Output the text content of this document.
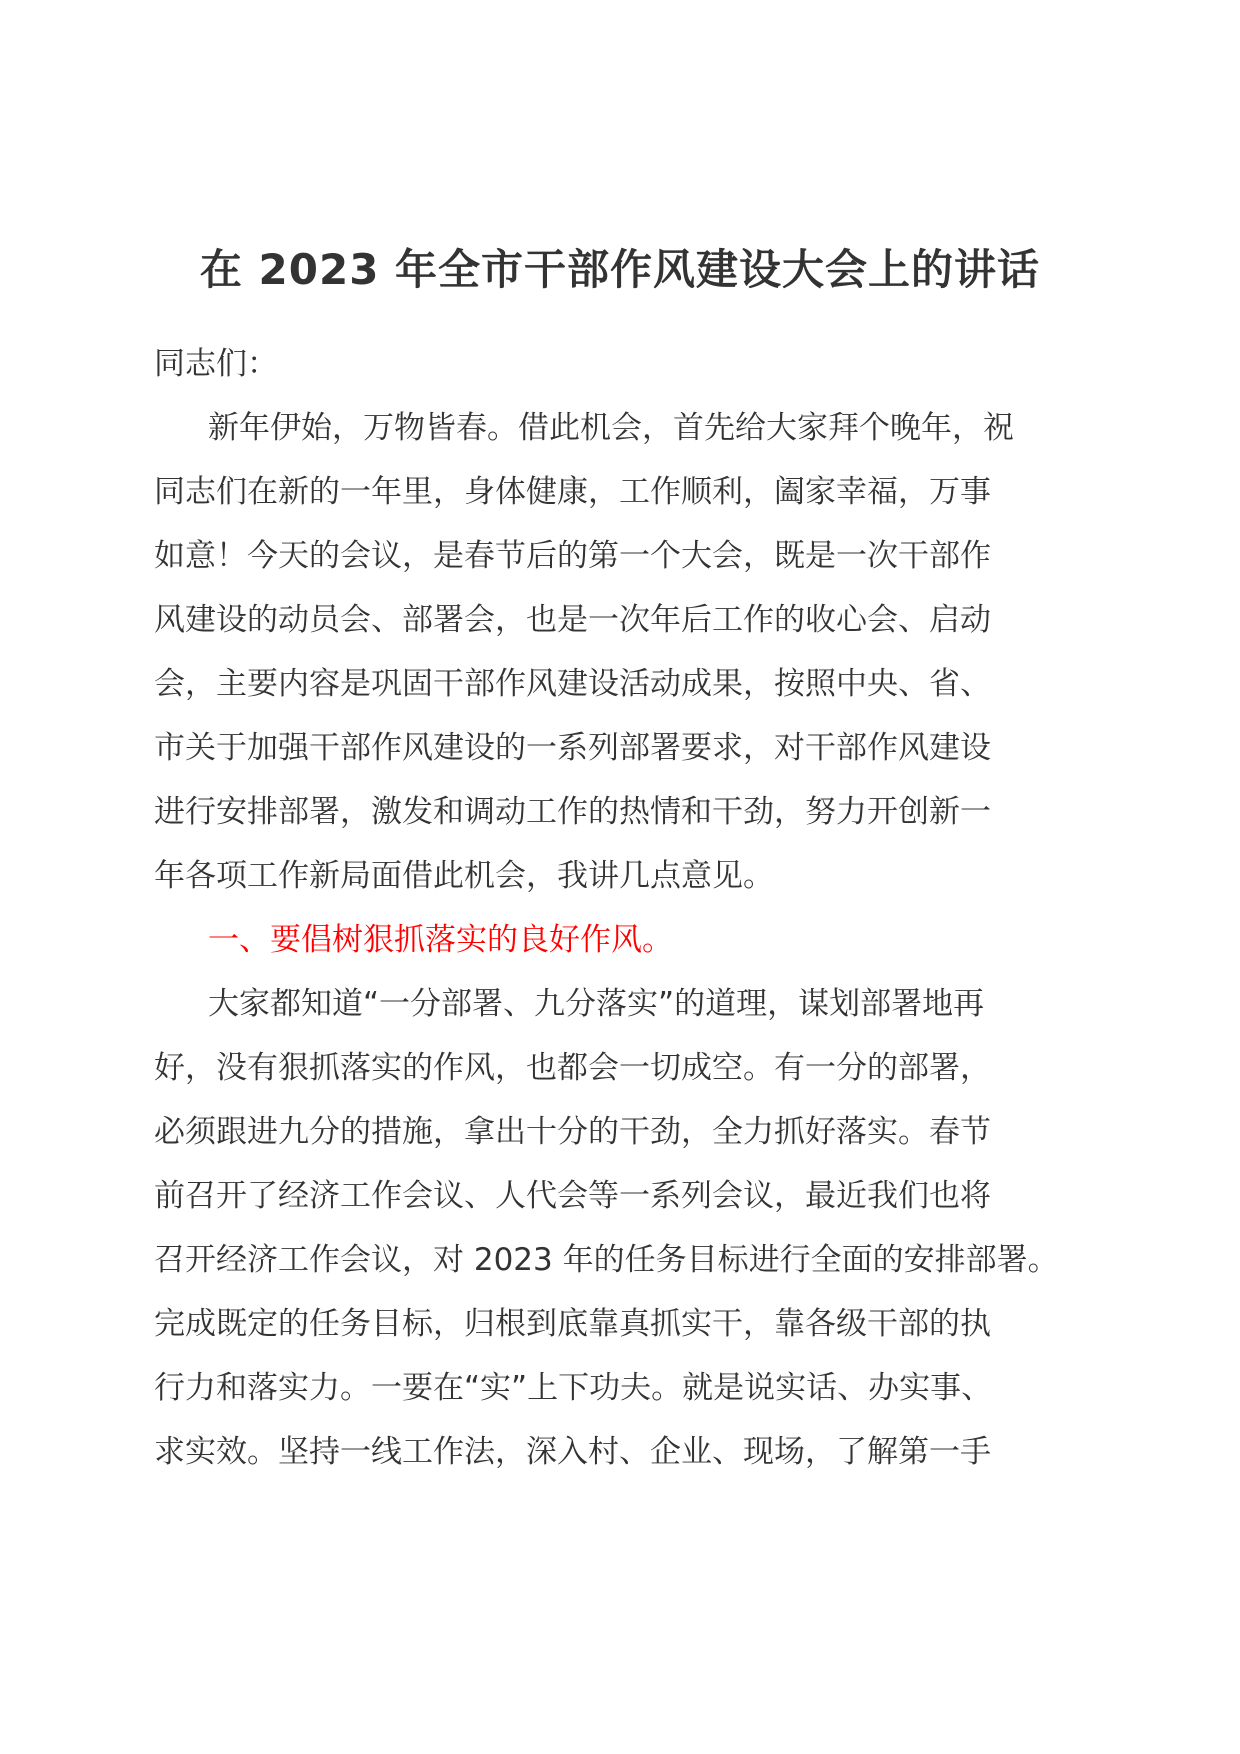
在 2023 年全市干部作风建设大会上的讲话
同志们：
新年伊始，万物皆春。借此机会，首先给大家拜个晚年，祝
同志们在新的一年里，身体健康，工作顺利，阖家幸福，万事
如意！今天的会议，是春节后的第一个大会，既是一次干部作
风建设的动员会、部署会，也是一次年后工作的收心会、启动
会，主要内容是巩固干部作风建设活动成果，按照中央、省、
市关于加强干部作风建设的一系列部署要求，对干部作风建设
进行安排部署，激发和调动工作的热情和干劲，努力开创新一
年各项工作新局面借此机会，我讲几点意见。
一、要倡树狠抓落实的良好作风。
大家都知道“一分部署、九分落实”的道理，谋划部署地再
好，没有狠抓落实的作风，也都会一切成空。有一分的部署，
必须跟进九分的措施，拿出十分的干劲，全力抓好落实。春节
前召开了经济工作会议、人代会等一系列会议，最近我们也将
召开经济工作会议，对 2023 年的任务目标进行全面的安排部署。
完成既定的任务目标，归根到底靠真抓实干，靠各级干部的执
行力和落实力。一要在“实”上下功夫。就是说实话、办实事、
求实效。坚持一线工作法，深入村、企业、现场，了解第一手
